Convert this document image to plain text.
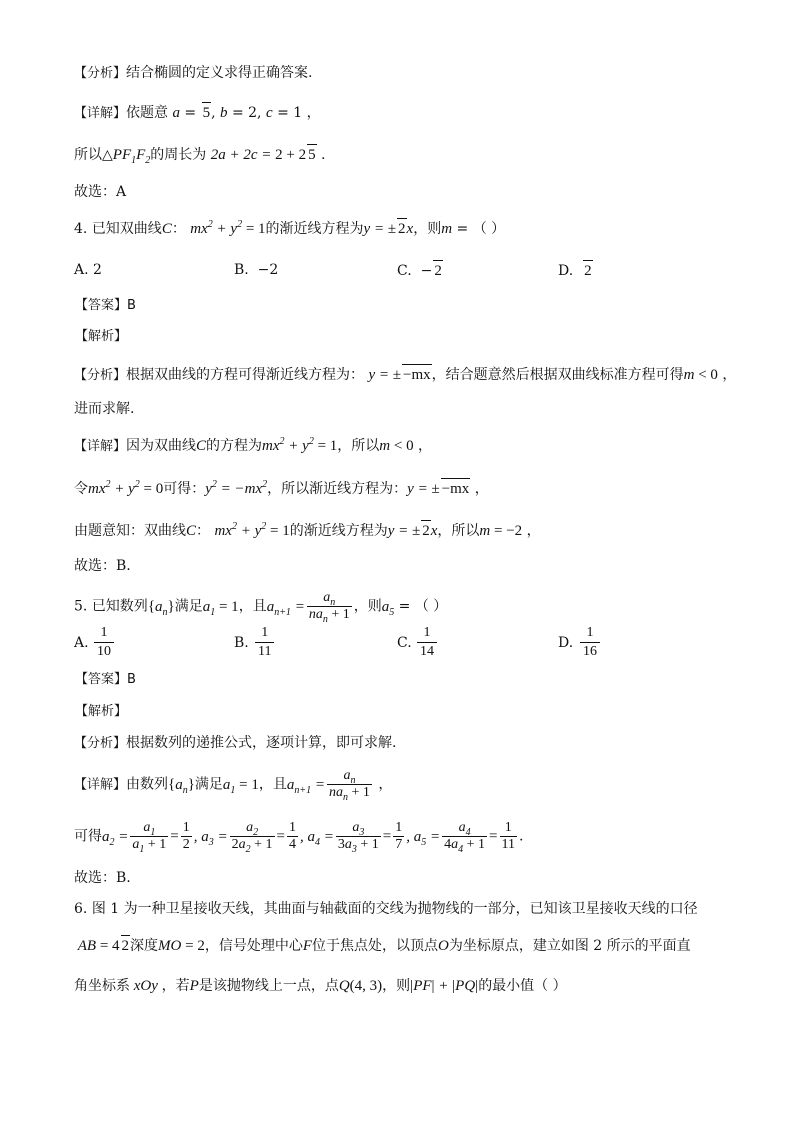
【分析】结合椭圆的定义求得正确答案.
【详解】依题意 a = 5, b = 2, c = 1 ，
所以$\triangle PF_1F_2$的周长为 2a + 2c = 2 + 2 5 .
故选：A
4. 已知双曲线C： $mx^2 + y^2 = 1$的渐近线方程为y = ± 2x，则m = （ ）
A. 2	B. −2	C. − 2	D. 2
【答案】B
【解析】
【分析】根据双曲线的方程可得渐近线方程为： y = ± −mx，结合题意然后根据双曲线标准方程可得m < 0 ，
进而求解.
【详解】因为双曲线C的方程为$mx^2 + y^2 = 1$，所以m < 0 ，
令$mx^2 + y^2 = 0$可得：$y^2 = -mx^2$，所以渐近线方程为：y = ± −mx ，
由题意知：双曲线C： $mx^2 + y^2 = 1$的渐近线方程为y = ± 2x，所以m = −2 ，
故选：B.
5. 已知数列$\{a_n\}$满足$a_1 = 1$，且$a_{n+1} = \frac{a_n}{na_n + 1}$ ，则$a_5$ = （ ）
A. $\frac{1}{10}$	B. $\frac{1}{11}$	C. $\frac{1}{14}$	D. $\frac{1}{16}$
【答案】B
【解析】
【分析】根据数列的递推公式，逐项计算，即可求解.
【详解】由数列$\{a_n\}$满足$a_1 = 1$，且$a_{n+1} = \frac{a_n}{na_n + 1}$ ，
可得$a_2 = \frac{a_1}{a_1 + 1} = \frac{1}{2}$ , $a_3 = \frac{a_2}{2a_2 + 1} = \frac{1}{4}$ , $a_4 = \frac{a_3}{3a_3 + 1} = \frac{1}{7}$ , $a_5 = \frac{a_4}{4a_4 + 1} = \frac{1}{11}$ .
故选：B.
6. 图 1 为一种卫星接收天线，其曲面与轴截面的交线为抛物线的一部分，已知该卫星接收天线的口径
AB = 4 2深度MO = 2，信号处理中心F位于焦点处，以顶点O为坐标原点，建立如图 2 所示的平面直
角坐标系 xOy ，若P是该抛物线上一点，点Q(4, 3)，则|PF| + |PQ|的最小值（ ）
